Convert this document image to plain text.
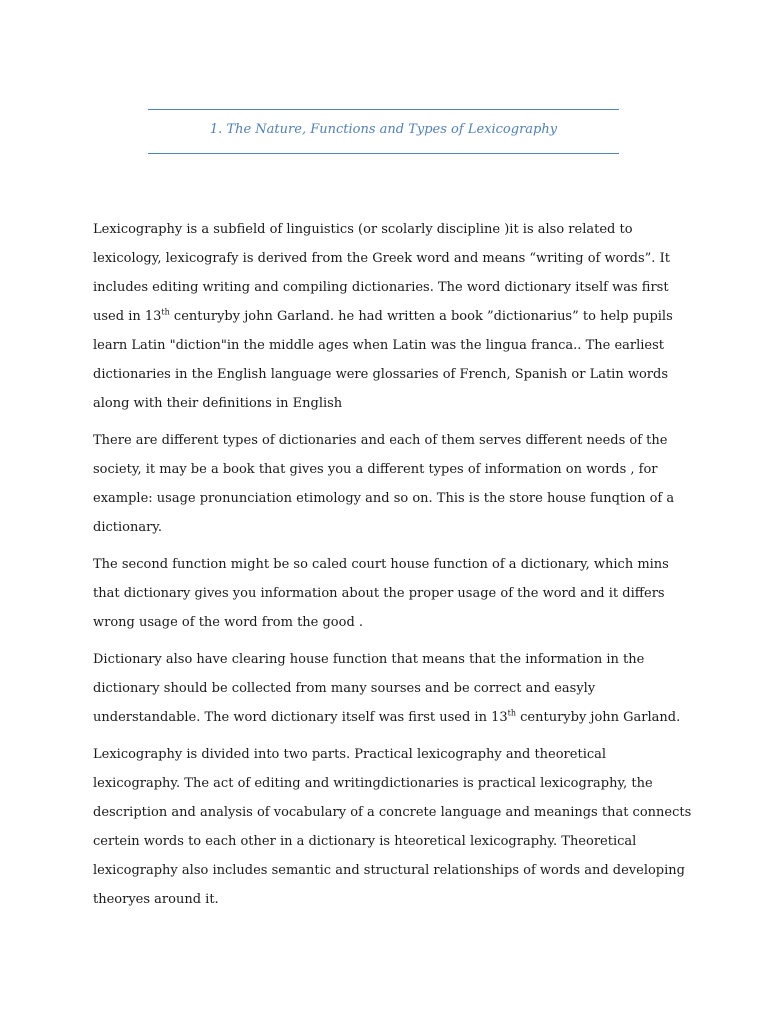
1. The Nature, Functions and Types of Lexicography

Lexicography is a subfield of linguistics (or scolarly discipline )it is also related to
lexicology, lexicografy is derived from the Greek word and means “writing of words”. It
includes editing writing and compiling dictionaries. The word dictionary itself was first
used in 13th centuryby john Garland. he had written a book ”dictionarius” to help pupils
learn Latin "diction"in the middle ages when Latin was the lingua franca.. The earliest
dictionaries in the English language were glossaries of French, Spanish or Latin words
along with their definitions in English

There are different types of dictionaries and each of them serves different needs of the
society, it may be a book that gives you a different types of information on words , for
example: usage pronunciation etimology and so on. This is the store house funqtion of a
dictionary.

The second function might be so caled court house function of a dictionary, which mins
that dictionary gives you information about the proper usage of the word and it differs
wrong usage of the word from the good .

Dictionary also have clearing house function that means that the information in the
dictionary should be collected from many sourses and be correct and easyly
understandable. The word dictionary itself was first used in 13th centuryby john Garland.

Lexicography is divided into two parts. Practical lexicography and theoretical
lexicography. The act of editing and writingdictionaries is practical lexicography, the
description and analysis of vocabulary of a concrete language and meanings that connects
certein words to each other in a dictionary is hteoretical lexicography. Theoretical
lexicography also includes semantic and structural relationships of words and developing
theoryes around it.
